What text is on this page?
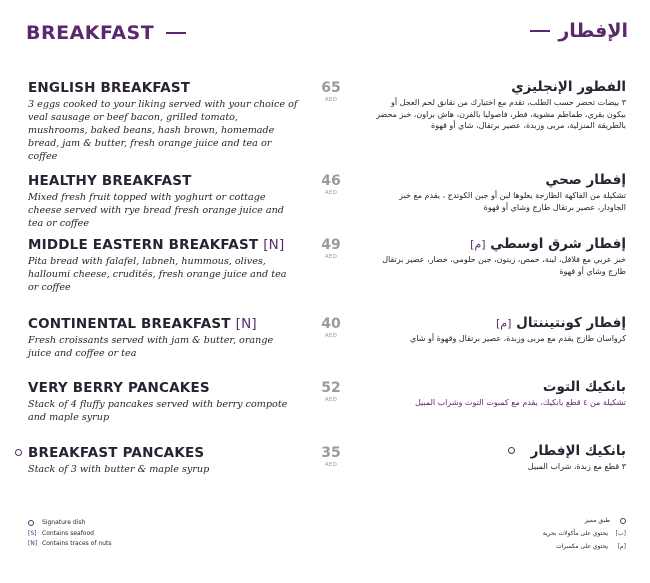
BREAKFAST	الإفطار
ENGLISH BREAKFAST
3 eggs cooked to your liking served with your choice of veal sausage or beef bacon, grilled tomato, mushrooms, baked beans, hash brown, homemade bread, jam & butter, fresh orange juice and tea or coffee
65
AED
الفطور الإنجليزي
٣ بيضات تحضر حسب الطلب، تقدم مع اختيارك من نقانق لحم العجل أو بيكون بقري، طماطم مشوية، فطر، فاصوليا بالفرن، هاش براون، خبز محضر بالطريقة المنزلية، مربى وزبدة، عصير برتقال، شاي أو قهوة
HEALTHY BREAKFAST
Mixed fresh fruit topped with yoghurt or cottage cheese served with rye bread fresh orange juice and tea or coffee
46
AED
إفطار صحي
تشكيلة من الفاكهة الطازجة يعلوها لبن أو جبن الكوتدج ، يقدم مع خبز الجاودار، عصير برتقال طازج وشاي أو قهوة
MIDDLE EASTERN BREAKFAST [N]
Pita bread with falafel, labneh, hummous, olives, halloumi cheese, crudités, fresh orange juice and tea or coffee
49
AED
إفطار شرق اوسطي [م]
خبز عربي مع فلافل، لبنة، حمص، زيتون، جبن حلومي، خضار، عصير برتقال طازج وشاي أو قهوة
CONTINENTAL BREAKFAST [N]
Fresh croissants served with jam & butter, orange juice and coffee or tea
40
AED
إفطار كونتيننتال [م]
كرواسان طازج يقدم مع مربى وزبدة، عصير برتقال وقهوة أو شاي
VERY BERRY PANCAKES
Stack of 4 fluffy pancakes served with berry compote and maple syrup
52
AED
بانكيك التوت
تشكيلة من ٤ قطع بانكيك، يقدم مع كمبوت التوت وشراب المبيل
BREAKFAST PANCAKES
Stack of 3 with butter & maple syrup
35
AED
بانكيك الإفطار
٣ قطع مع زبدة، شراب المبيل
Signature dish
[S] Contains seafood
[N] Contains traces of nuts
طبق مميز
[ب]
يحتوي على مأكولات بحرية
[م]
يحتوي على مكسرات
